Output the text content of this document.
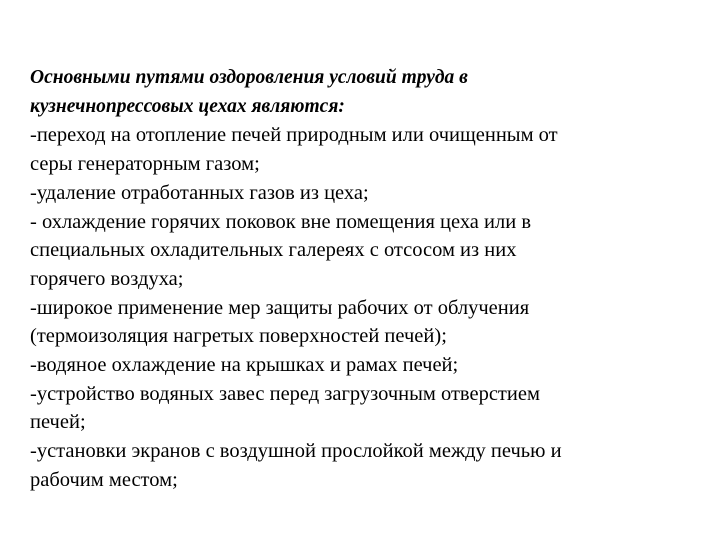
Основными путями оздоровления условий труда в
кузнечнопрессовых цехах являются:

-переход на отопление печей природным или очищенным от
серы генераторным газом;
-удаление отработанных газов из цеха;
- охлаждение горячих поковок вне помещения цеха или в
специальных охладительных галереях с отсосом из них
горячего воздуха;
-широкое применение мер защиты рабочих от облучения
(термоизоляция нагретых поверхностей печей);
-водяное охлаждение на крышках и рамах печей;
-устройство водяных завес перед загрузочным отверстием
печей;
-установки экранов с воздушной прослойкой между печью и
рабочим местом;
